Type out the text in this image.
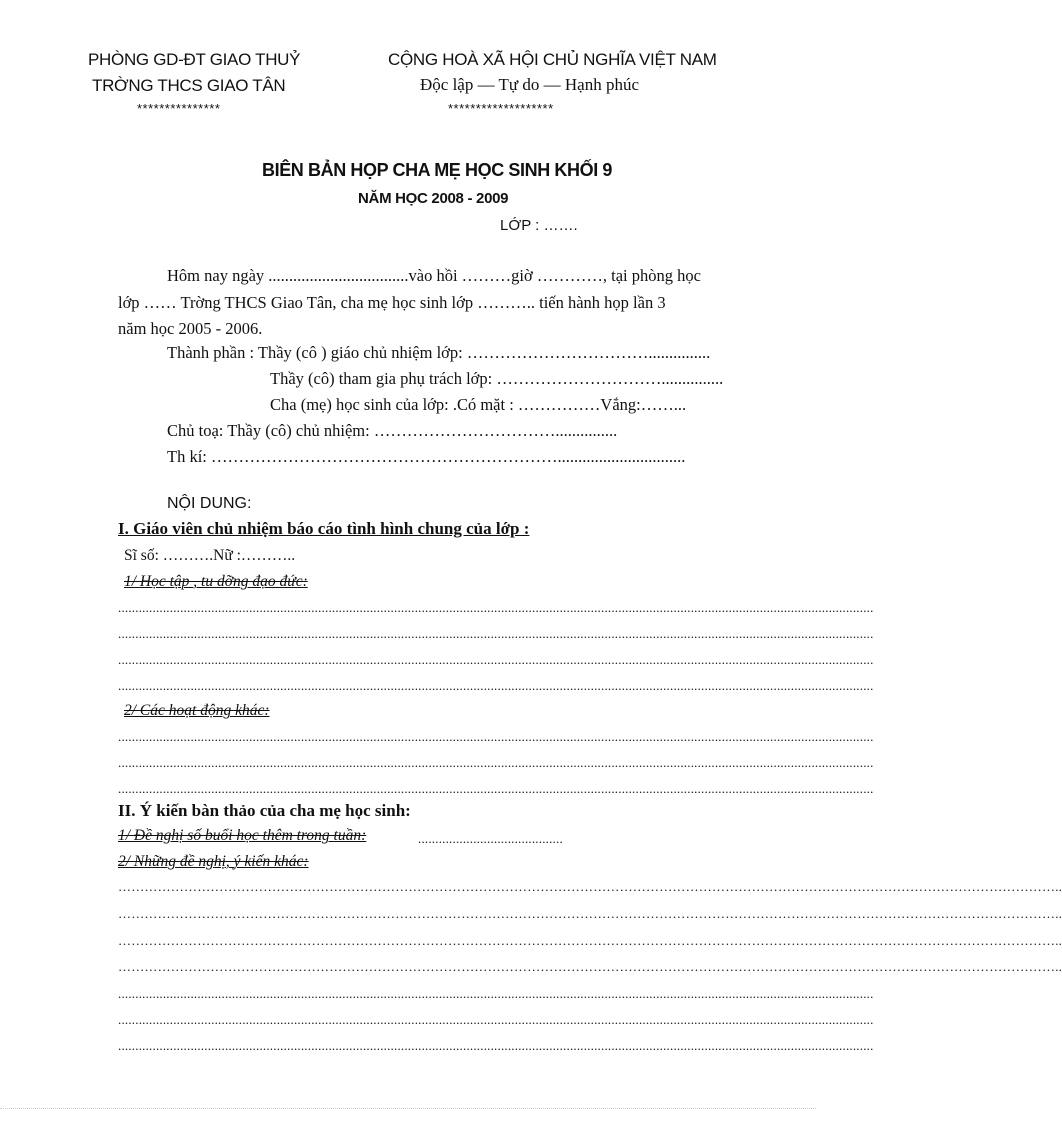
PHÒNG GD-ĐT GIAO THUỶ
TRỜNG THCS GIAO TÂN
***************
CỘNG HOÀ XÃ HỘI CHỦ NGHĨA VIỆT NAM
Độc lập — Tự do — Hạnh phúc
*******************
BIÊN BẢN HỌP CHA MẸ HỌC SINH KHỐI 9
NĂM HỌC 2008 - 2009
LỚP : …….
Hôm nay ngày ..................................vào hồi ………giờ …………, tại phòng học
lớp …… Trờng THCS Giao Tân, cha mẹ học sinh lớp ……….. tiến hành họp lần 3
năm học 2005 - 2006.
Thành phần : Thầy (cô ) giáo chủ nhiệm lớp: ……………………………...............
Thầy (cô) tham gia phụ trách lớp: …………………………...............
Cha (mẹ) học sinh của lớp: .Có mặt : ……………Vắng:……...
Chủ toạ: Thầy (cô) chủ nhiệm: ……………………………...............
Th kí: ………………………………………………………...............................
NỘI DUNG:
I. Giáo viên chủ nhiệm báo cáo tình hình chung của lớp :
Sĩ số: ……….Nữ :………..
1/ Học tập , tu dỡng đạo đức:
...........................................................................................................................................................................................................................
...........................................................................................................................................................................................................................
...........................................................................................................................................................................................................................
...........................................................................................................................................................................................................................
2/ Các hoạt động khác:
...........................................................................................................................................................................................................................
...........................................................................................................................................................................................................................
...........................................................................................................................................................................................................................
II. Ý kiến bàn thảo của cha mẹ học sinh:
1/ Đề nghị số buổi học thêm trong tuần:	..........................................
2/ Những đề nghị, ý kiến khác:
……………………………………………………………………………………………………………………………………………………………………………………………..
……………………………………………………………………………………………………………………………………………………………………………………………..
……………………………………………………………………………………………………………………………………………………………………………………………..
……………………………………………………………………………………………………………………………………………………………………………………………..
...........................................................................................................................................................................................................................
...........................................................................................................................................................................................................................
...........................................................................................................................................................................................................................
